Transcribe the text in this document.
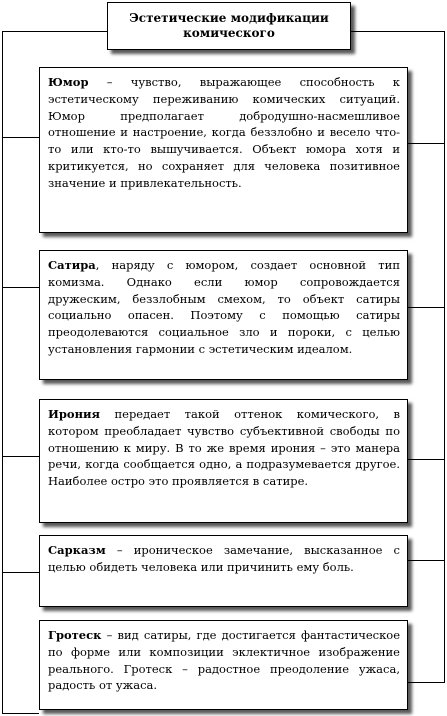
Эстетические модификации комического
Юмор – чувство, выражающее способность к эстетическому переживанию комических ситуаций. Юмор предполагает добродушно-насмешливое отношение и настроение, когда беззлобно и весело что-то или кто-то вышучивается. Объект юмора хотя и критикуется, но сохраняет для человека позитивное значение и привлекательность.
Сатира, наряду с юмором, создает основной тип комизма. Однако если юмор сопровождается дружеским, беззлобным смехом, то объект сатиры социально опасен. Поэтому с помощью сатиры преодолеваются социальное зло и пороки, с целью установления гармонии с эстетическим идеалом.
Ирония передает такой оттенок комического, в котором преобладает чувство субъективной свободы по отношению к миру. В то же время ирония – это манера речи, когда сообщается одно, а подразумевается другое. Наиболее остро это проявляется в сатире.
Сарказм – ироническое замечание, высказанное с целью обидеть человека или причинить ему боль.
Гротеск – вид сатиры, где достигается фантастическое по форме или композиции эклектичное изображение реального. Гротеск – радостное преодоление ужаса, радость от ужаса.
